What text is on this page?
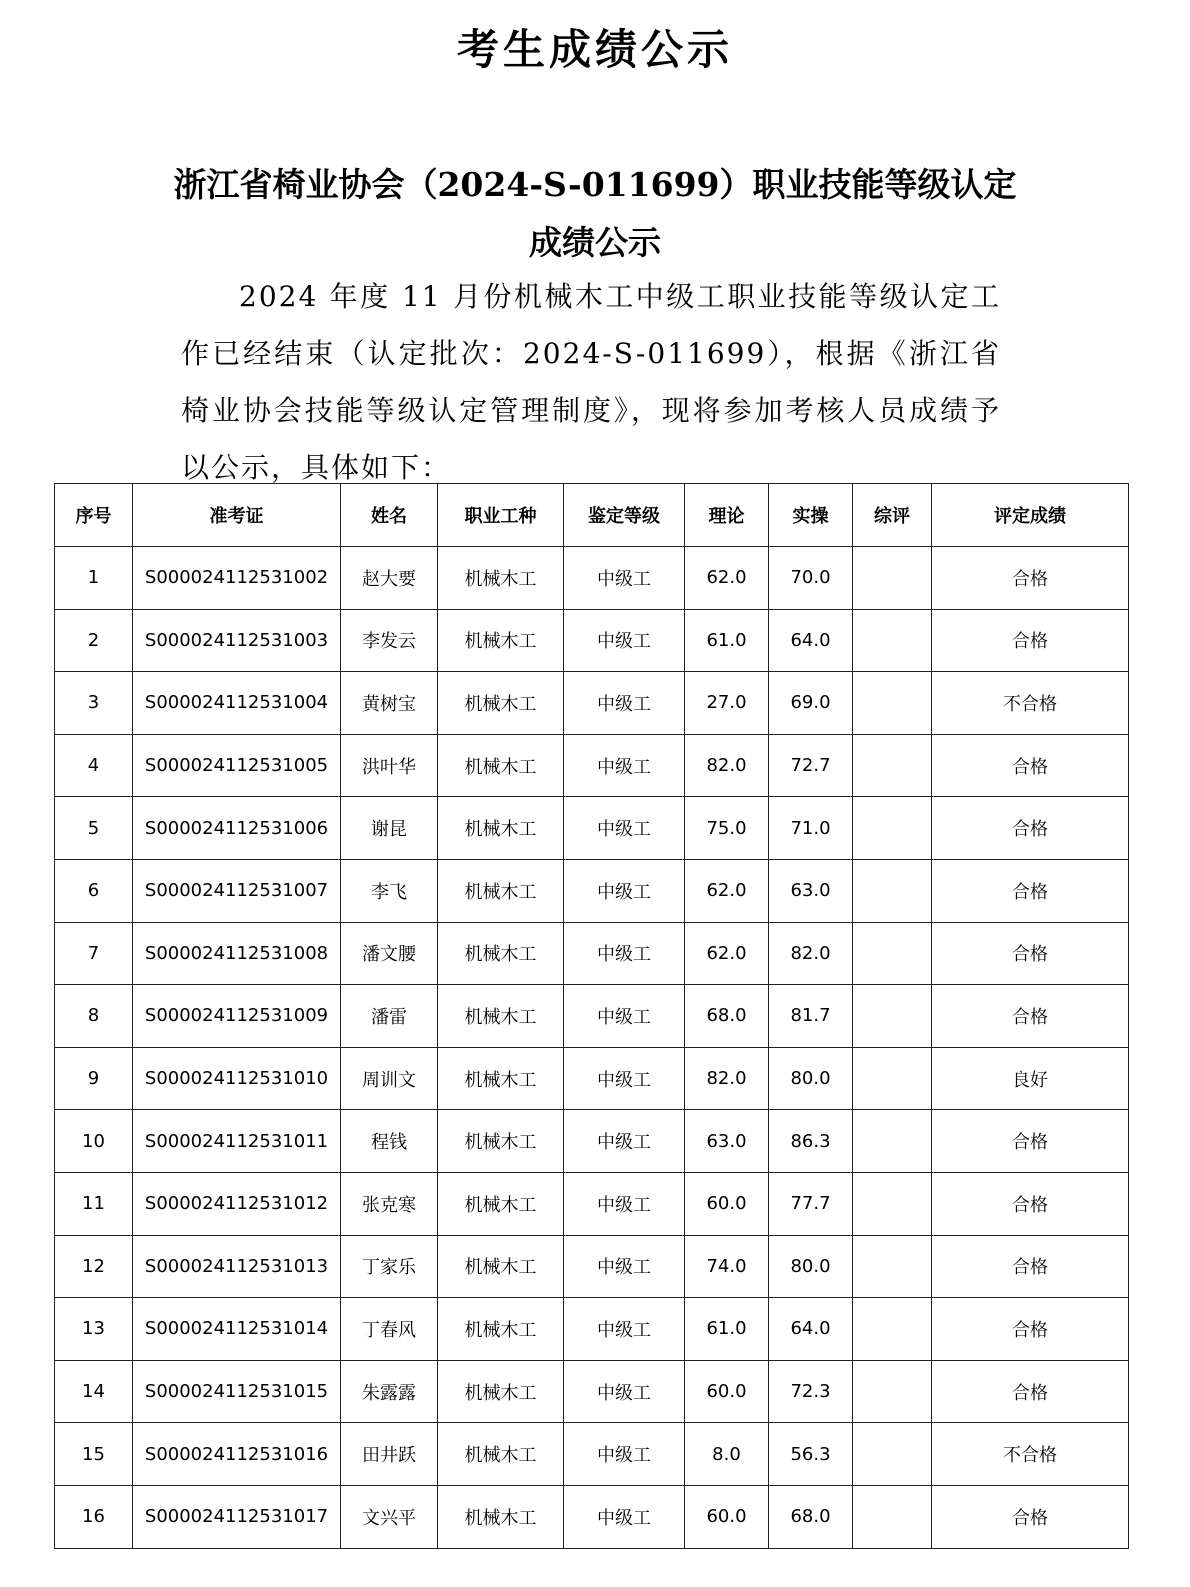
考生成绩公示
浙江省椅业协会（2024-S-011699）职业技能等级认定
成绩公示
2024 年度 11 月份机械木工中级工职业技能等级认定工作已经结束（认定批次：2024-S-011699），根据《浙江省椅业协会技能等级认定管理制度》，现将参加考核人员成绩予以公示，具体如下：
序号	准考证	姓名	职业工种	鉴定等级	理论	实操	综评	评定成绩
1	S000024112531002	赵大要	机械木工	中级工	62.0	70.0		合格
2	S000024112531003	李发云	机械木工	中级工	61.0	64.0		合格
3	S000024112531004	黄树宝	机械木工	中级工	27.0	69.0		不合格
4	S000024112531005	洪叶华	机械木工	中级工	82.0	72.7		合格
5	S000024112531006	谢昆	机械木工	中级工	75.0	71.0		合格
6	S000024112531007	李飞	机械木工	中级工	62.0	63.0		合格
7	S000024112531008	潘文腰	机械木工	中级工	62.0	82.0		合格
8	S000024112531009	潘雷	机械木工	中级工	68.0	81.7		合格
9	S000024112531010	周训文	机械木工	中级工	82.0	80.0		良好
10	S000024112531011	程钱	机械木工	中级工	63.0	86.3		合格
11	S000024112531012	张克寒	机械木工	中级工	60.0	77.7		合格
12	S000024112531013	丁家乐	机械木工	中级工	74.0	80.0		合格
13	S000024112531014	丁春风	机械木工	中级工	61.0	64.0		合格
14	S000024112531015	朱露露	机械木工	中级工	60.0	72.3		合格
15	S000024112531016	田井跃	机械木工	中级工	8.0	56.3		不合格
16	S000024112531017	文兴平	机械木工	中级工	60.0	68.0		合格
